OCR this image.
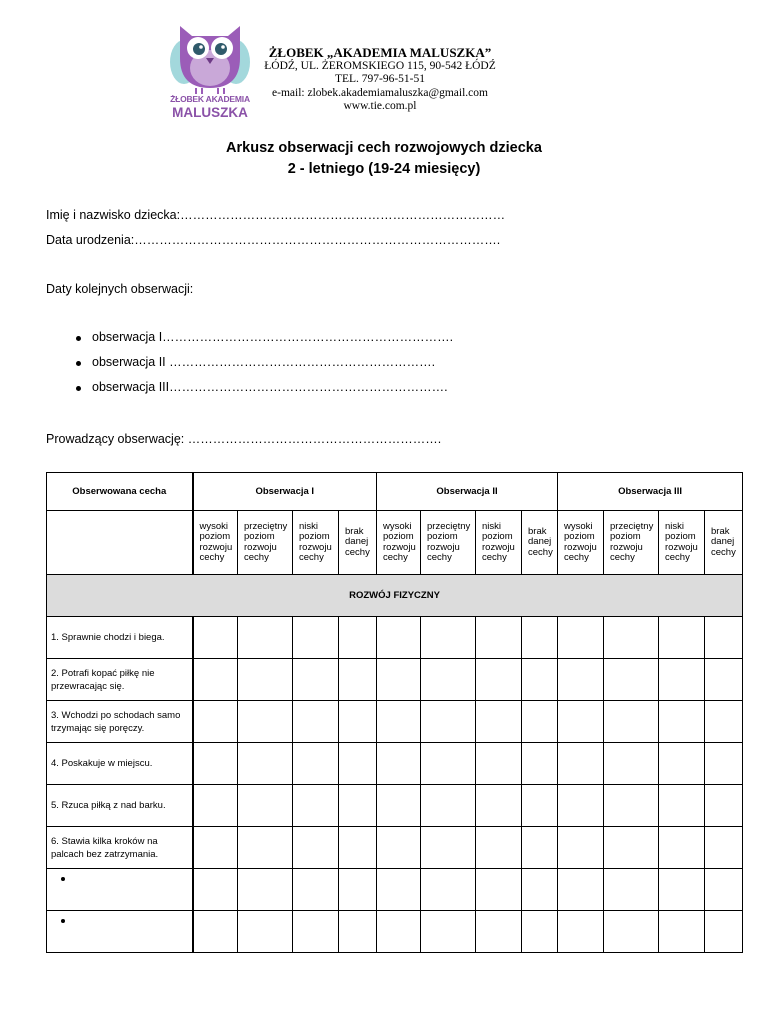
ŻŁOBEK AKADEMIA
MALUSZKA
ŻŁOBEK „AKADEMIA MALUSZKA”
ŁÓDŹ, UL. ŻEROMSKIEGO 115, 90-542 ŁÓDŹ
TEL. 797-96-51-51
e-mail: zlobek.akademiamaluszka@gmail.com
www.tie.com.pl
Arkusz obserwacji cech rozwojowych dziecka
2 - letniego (19-24 miesięcy)
Imię i nazwisko dziecka:……………………………………………………………………
Data urodzenia:…………………………………………………………………………….
Daty kolejnych obserwacji:
obserwacja I…………………………………………………………….
obserwacja II ……………………………………………………….
obserwacja III………………………………………………………….
Prowadzący obserwację: …………………………………………………….
Obserwowana cecha	Obserwacja I				Obserwacja II				Obserwacja III			
	wysoki poziom rozwoju cechy	przeciętny poziom rozwoju cechy	niski poziom rozwoju cechy	brak danej cechy	wysoki poziom rozwoju cechy	przeciętny poziom rozwoju cechy	niski poziom rozwoju cechy	brak danej cechy	wysoki poziom rozwoju cechy	przeciętny poziom rozwoju cechy	niski poziom rozwoju cechy	brak danej cechy
ROZWÓJ FIZYCZNY												
1. Sprawnie chodzi i biega.												
2. Potrafi kopać piłkę nie przewracając się.												
3. Wchodzi po schodach samo trzymając się poręczy.												
4. Poskakuje w miejscu.												
5. Rzuca piłką z nad barku.												
6. Stawia kilka kroków na palcach bez zatrzymania.												
